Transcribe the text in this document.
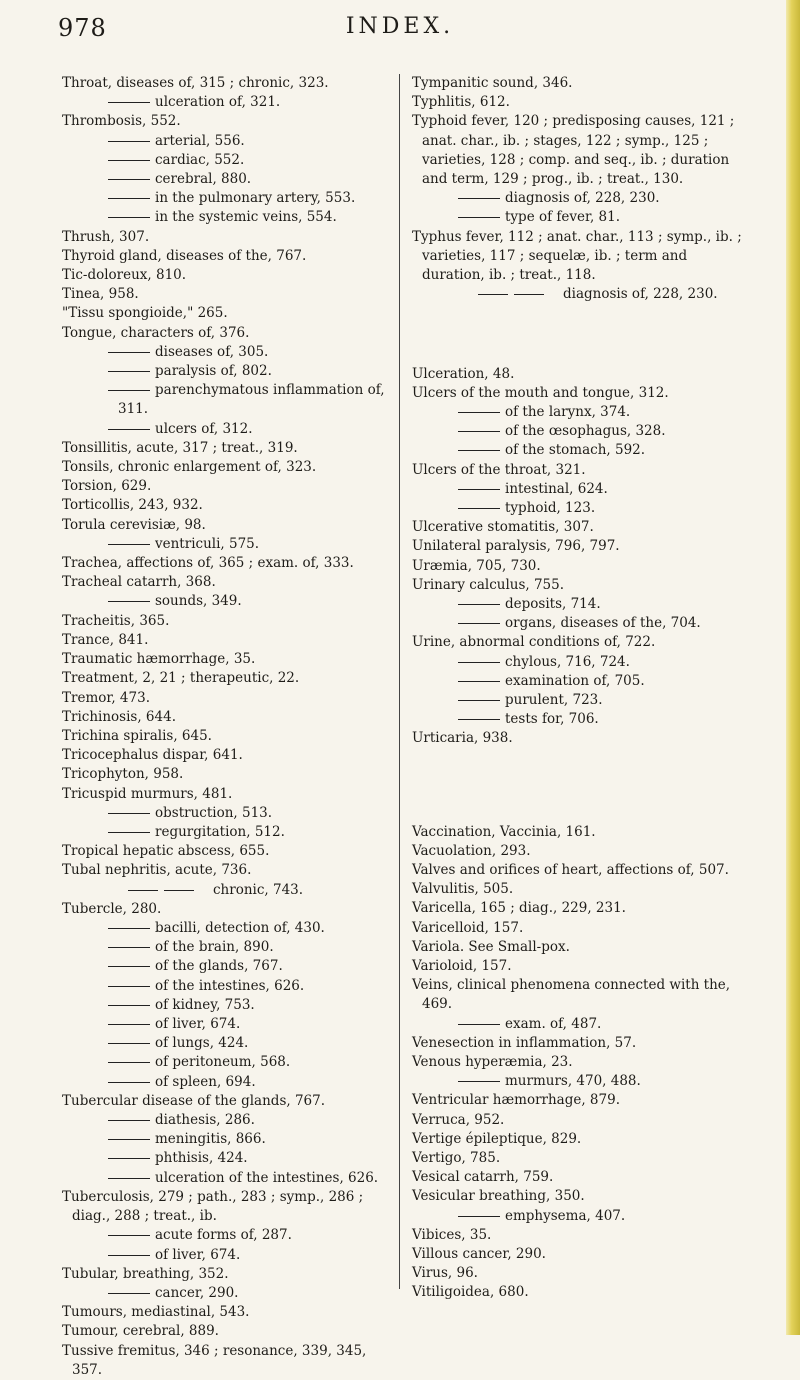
978	INDEX.

Throat, diseases of, 315 ; chronic, 323.

ulceration of, 321.

Thrombosis, 552.

arterial, 556.

cardiac, 552.

cerebral, 880.

in the pulmonary artery, 553.

in the systemic veins, 554.

Thrush, 307.

Thyroid gland, diseases of the, 767.

Tic-doloreux, 810.

Tinea, 958.

"Tissu spongioide," 265.

Tongue, characters of, 376.

diseases of, 305.

paralysis of, 802.

parenchymatous inflammation of, 311.

ulcers of, 312.

Tonsillitis, acute, 317 ; treat., 319.

Tonsils, chronic enlargement of, 323.

Torsion, 629.

Torticollis, 243, 932.

Torula cerevisiæ, 98.

ventriculi, 575.

Trachea, affections of, 365 ; exam. of, 333.

Tracheal catarrh, 368.

sounds, 349.

Tracheitis, 365.

Trance, 841.

Traumatic hæmorrhage, 35.

Treatment, 2, 21 ; therapeutic, 22.

Tremor, 473.

Trichinosis, 644.

Trichina spiralis, 645.

Tricocephalus dispar, 641.

Tricophyton, 958.

Tricuspid murmurs, 481.

obstruction, 513.

regurgitation, 512.

Tropical hepatic abscess, 655.

Tubal nephritis, acute, 736.

chronic, 743.

Tubercle, 280.

bacilli, detection of, 430.

of the brain, 890.

of the glands, 767.

of the intestines, 626.

of kidney, 753.

of liver, 674.

of lungs, 424.

of peritoneum, 568.

of spleen, 694.

Tubercular disease of the glands, 767.

diathesis, 286.

meningitis, 866.

phthisis, 424.

ulceration of the intestines, 626.

Tuberculosis, 279 ; path., 283 ; symp., 286 ; diag., 288 ; treat., ib.

acute forms of, 287.

of liver, 674.

Tubular, breathing, 352.

cancer, 290.

Tumours, mediastinal, 543.

Tumour, cerebral, 889.

Tussive fremitus, 346 ; resonance, 339, 345, 357.

Tympanitic sound, 346.

Typhlitis, 612.

Typhoid fever, 120 ; predisposing causes, 121 ; anat. char., ib. ; stages, 122 ; symp., 125 ; varieties, 128 ; comp. and seq., ib. ; duration and term, 129 ; prog., ib. ; treat., 130.

diagnosis of, 228, 230.

type of fever, 81.

Typhus fever, 112 ; anat. char., 113 ; symp., ib. ; varieties, 117 ; sequelæ, ib. ; term and duration, ib. ; treat., 118.

diagnosis of, 228, 230.

Ulceration, 48.

Ulcers of the mouth and tongue, 312.

of the larynx, 374.

of the œsophagus, 328.

of the stomach, 592.

Ulcers of the throat, 321.

intestinal, 624.

typhoid, 123.

Ulcerative stomatitis, 307.

Unilateral paralysis, 796, 797.

Uræmia, 705, 730.

Urinary calculus, 755.

deposits, 714.

organs, diseases of the, 704.

Urine, abnormal conditions of, 722.

chylous, 716, 724.

examination of, 705.

purulent, 723.

tests for, 706.

Urticaria, 938.

Vaccination, Vaccinia, 161.

Vacuolation, 293.

Valves and orifices of heart, affections of, 507.

Valvulitis, 505.

Varicella, 165 ; diag., 229, 231.

Varicelloid, 157.

Variola. See Small-pox.

Varioloid, 157.

Veins, clinical phenomena connected with the, 469.

exam. of, 487.

Venesection in inflammation, 57.

Venous hyperæmia, 23.

murmurs, 470, 488.

Ventricular hæmorrhage, 879.

Verruca, 952.

Vertige épileptique, 829.

Vertigo, 785.

Vesical catarrh, 759.

Vesicular breathing, 350.

emphysema, 407.

Vibices, 35.

Villous cancer, 290.

Virus, 96.

Vitiligoidea, 680.
